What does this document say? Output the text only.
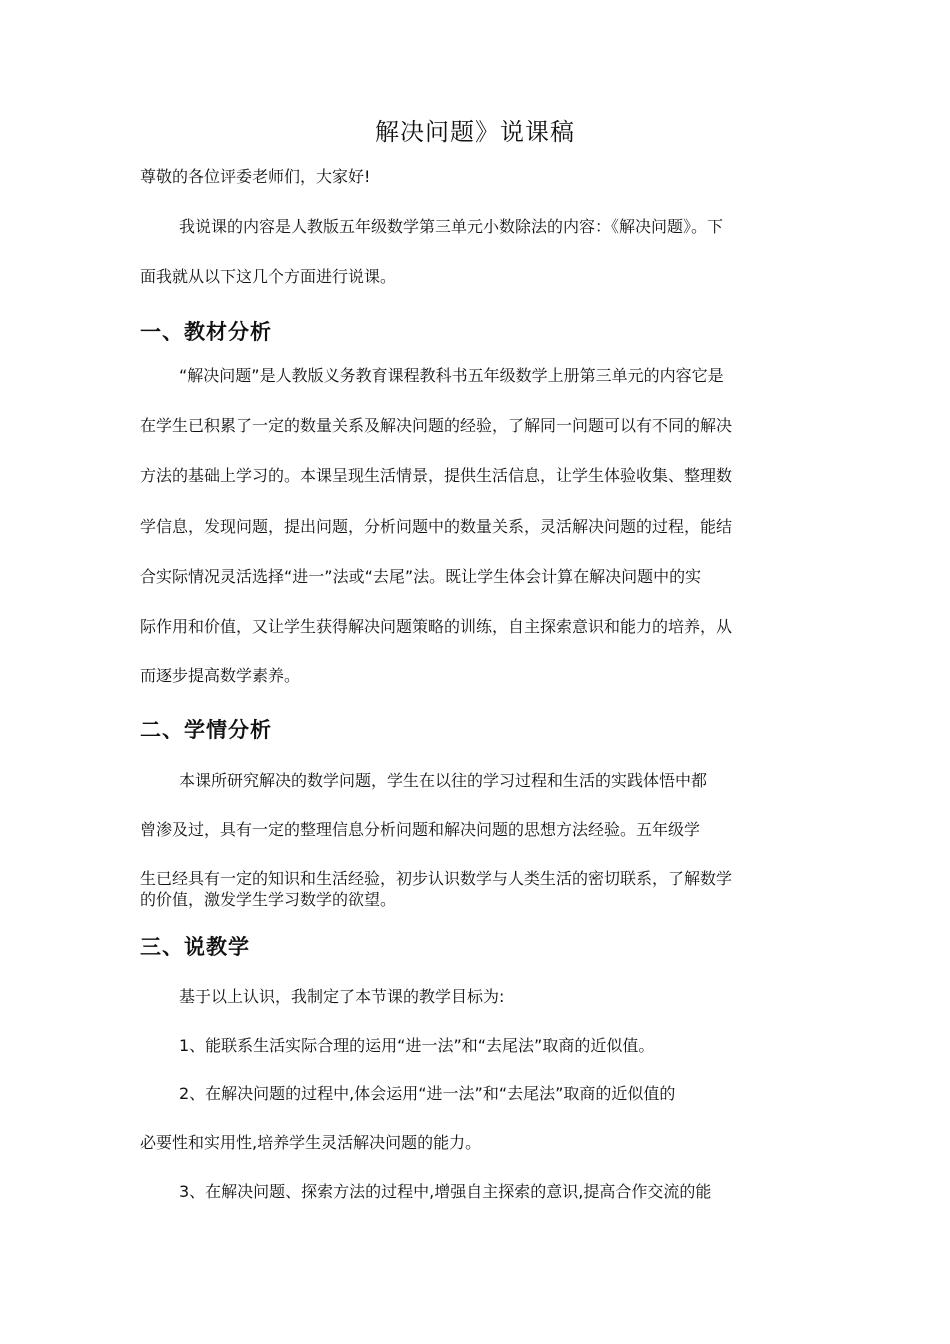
解决问题》说课稿
尊敬的各位评委老师们，大家好!
我说课的内容是人教版五年级数学第三单元小数除法的内容：《解决问题》。下
面我就从以下这几个方面进行说课。
一、教材分析
“解决问题”是人教版义务教育课程教科书五年级数学上册第三单元的内容它是
在学生已积累了一定的数量关系及解决问题的经验，了解同一问题可以有不同的解决
方法的基础上学习的。本课呈现生活情景，提供生活信息，让学生体验收集、整理数
学信息，发现问题，提出问题，分析问题中的数量关系，灵活解决问题的过程，能结
合实际情况灵活选择“进一”法或“去尾”法。既让学生体会计算在解决问题中的实
际作用和价值，又让学生获得解决问题策略的训练，自主探索意识和能力的培养，从
而逐步提高数学素养。
二、学情分析
本课所研究解决的数学问题，学生在以往的学习过程和生活的实践体悟中都
曾渗及过，具有一定的整理信息分析问题和解决问题的思想方法经验。五年级学
生已经具有一定的知识和生活经验，初步认识数学与人类生活的密切联系，了解数学
的价值，激发学生学习数学的欲望。
三、说教学
基于以上认识，我制定了本节课的教学目标为:
1、能联系生活实际合理的运用“进一法”和“去尾法”取商的近似值。
2、在解决问题的过程中,体会运用“进一法”和“去尾法”取商的近似值的
必要性和实用性,培养学生灵活解决问题的能力。
3、在解决问题、探索方法的过程中,增强自主探索的意识,提高合作交流的能
